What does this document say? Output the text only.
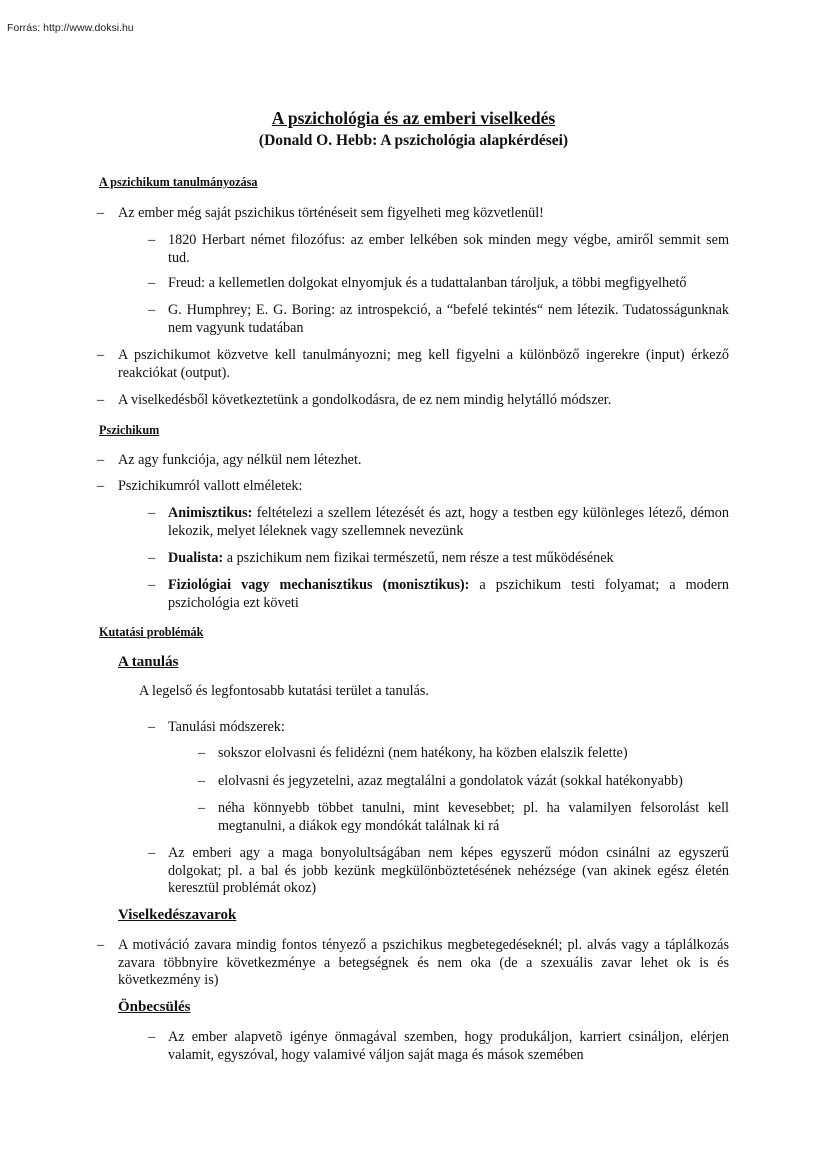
Forrás: http://www.doksi.hu
A pszichológia és az emberi viselkedés
(Donald O. Hebb: A pszichológia alapkérdései)
A pszichikum tanulmányozása
– Az ember még saját pszichikus történéseit sem figyelheti meg közvetlenül!
– 1820 Herbart német filozófus: az ember lelkében sok minden megy végbe, amiről semmit sem tud.
– Freud: a kellemetlen dolgokat elnyomjuk és a tudattalanban tároljuk, a többi megfigyelhető
– G. Humphrey; E. G. Boring: az introspekció, a “befelé tekintés“ nem létezik. Tudatosságunknak nem vagyunk tudatában
– A pszichikumot közvetve kell tanulmányozni; meg kell figyelni a különböző ingerekre (input) érkező reakciókat (output).
– A viselkedésből következtetünk a gondolkodásra, de ez nem mindig helytálló módszer.
Pszichikum
– Az agy funkciója, agy nélkül nem létezhet.
– Pszichikumról vallott elméletek:
– Animisztikus: feltételezi a szellem létezését és azt, hogy a testben egy különleges létező, démon lekozik, melyet léleknek vagy szellemnek nevezünk
– Dualista: a pszichikum nem fizikai természetű, nem része a test működésének
– Fiziológiai vagy mechanisztikus (monisztikus): a pszichikum testi folyamat; a modern pszichológia ezt követi
Kutatási problémák
A tanulás
A legelső és legfontosabb kutatási terület a tanulás.
– Tanulási módszerek:
– sokszor elolvasni és felidézni (nem hatékony, ha közben elalszik felette)
– elolvasni és jegyzetelni, azaz megtalálni a gondolatok vázát (sokkal hatékonyabb)
– néha könnyebb többet tanulni, mint kevesebbet; pl. ha valamilyen felsorolást kell megtanulni, a diákok egy mondókát találnak ki rá
– Az emberi agy a maga bonyolultságában nem képes egyszerű módon csinálni az egyszerű dolgokat; pl. a bal és jobb kezünk megkülönböztetésének nehézsége (van akinek egész életén keresztül problémát okoz)
Viselkedészavarok
– A motiváció zavara mindig fontos tényező a pszichikus megbetegedéseknél; pl. alvás vagy a táplálkozás zavara többnyire következménye a betegségnek és nem oka (de a szexuális zavar lehet ok is és következmény is)
Önbecsülés
– Az ember alapvetõ igénye önmagával szemben, hogy produkáljon, karriert csináljon, elérjen valamit, egyszóval, hogy valamivé váljon saját maga és mások szemében
